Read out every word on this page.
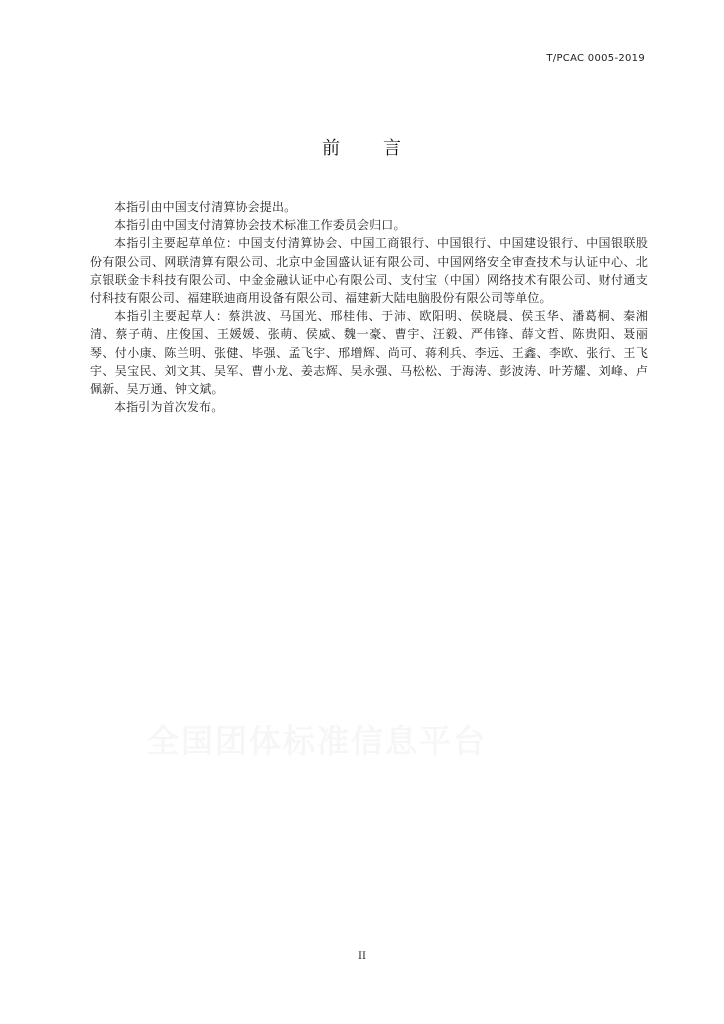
T/PCAC 0005-2019
前 言

本指引由中国支付清算协会提出。

本指引由中国支付清算协会技术标准工作委员会归口。

本指引主要起草单位：中国支付清算协会、中国工商银行、中国银行、中国建设银行、中国银联股份有限公司、网联清算有限公司、北京中金国盛认证有限公司、中国网络安全审查技术与认证中心、北京银联金卡科技有限公司、中金金融认证中心有限公司、支付宝（中国）网络技术有限公司、财付通支付科技有限公司、福建联迪商用设备有限公司、福建新大陆电脑股份有限公司等单位。

本指引主要起草人：蔡洪波、马国光、邢桂伟、于沛、欧阳明、侯晓晨、侯玉华、潘葛桐、秦湘清、蔡子萌、庄俊国、王媛媛、张萌、侯威、魏一豪、曹宇、汪毅、严伟锋、薛文哲、陈贵阳、聂丽琴、付小康、陈兰明、张健、毕强、孟飞宇、邢增辉、尚可、蒋利兵、李远、王鑫、李欧、张行、王飞宇、吴宝民、刘文其、吴军、曹小龙、姜志辉、吴永强、马松松、于海涛、彭波涛、叶芳耀、刘峰、卢佩新、吴万通、钟文斌。

本指引为首次发布。

全国团体标准信息平台
II
